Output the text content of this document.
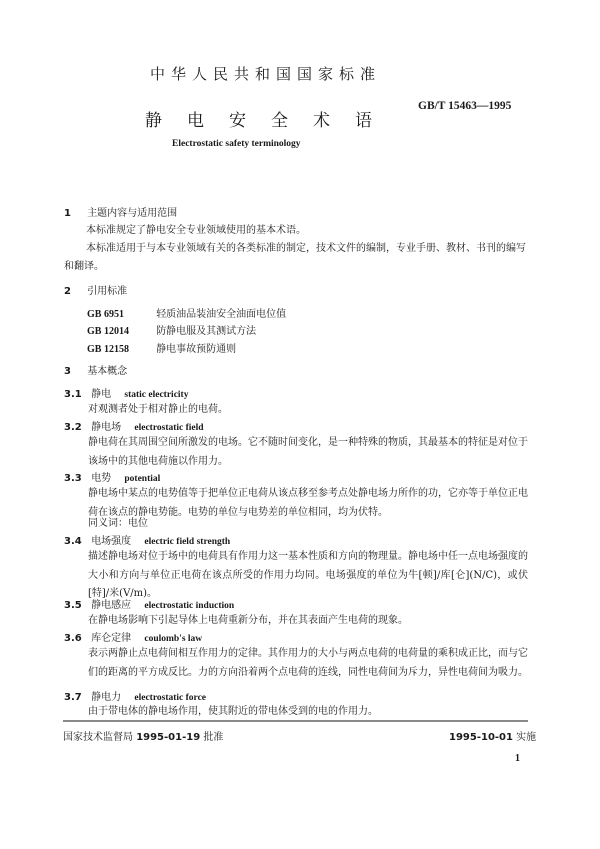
中华人民共和国国家标准
静电安全术语
GB/T 15463—1995
Electrostatic safety terminology
1 主题内容与适用范围
本标准规定了静电安全专业领域使用的基本术语。
本标准适用于与本专业领域有关的各类标准的制定，技术文件的编制，专业手册、教材、书刊的编写和翻译。
2 引用标准
GB 6951	轻质油品装油安全油面电位值
GB 12014	防静电服及其测试方法
GB 12158	静电事故预防通则
3 基本概念
3.1 静电 static electricity
对观测者处于相对静止的电荷。
3.2 静电场 electrostatic field
静电荷在其周围空间所激发的电场。它不随时间变化，是一种特殊的物质，其最基本的特征是对位于该场中的其他电荷施以作用力。
3.3 电势 potential
静电场中某点的电势值等于把单位正电荷从该点移至参考点处静电场力所作的功，它亦等于单位正电荷在该点的静电势能。电势的单位与电势差的单位相同，均为伏特。
同义词：电位
3.4 电场强度 electric field strength
描述静电场对位于场中的电荷具有作用力这一基本性质和方向的物理量。静电场中任一点电场强度的大小和方向与单位正电荷在该点所受的作用力均同。电场强度的单位为牛[顿]/库[仑](N/C)，或伏[特]/米(V/m)。
3.5 静电感应 electrostatic induction
在静电场影响下引起导体上电荷重新分布，并在其表面产生电荷的现象。
3.6 库仑定律 coulomb's law
表示两静止点电荷间相互作用力的定律。其作用力的大小与两点电荷的电荷量的乘积成正比，而与它们的距离的平方成反比。力的方向沿着两个点电荷的连线，同性电荷间为斥力，异性电荷间为吸力。
3.7 静电力 electrostatic force
由于带电体的静电场作用，使其附近的带电体受到的电的作用力。
国家技术监督局 1995-01-19 批准	1995-10-01 实施
1
